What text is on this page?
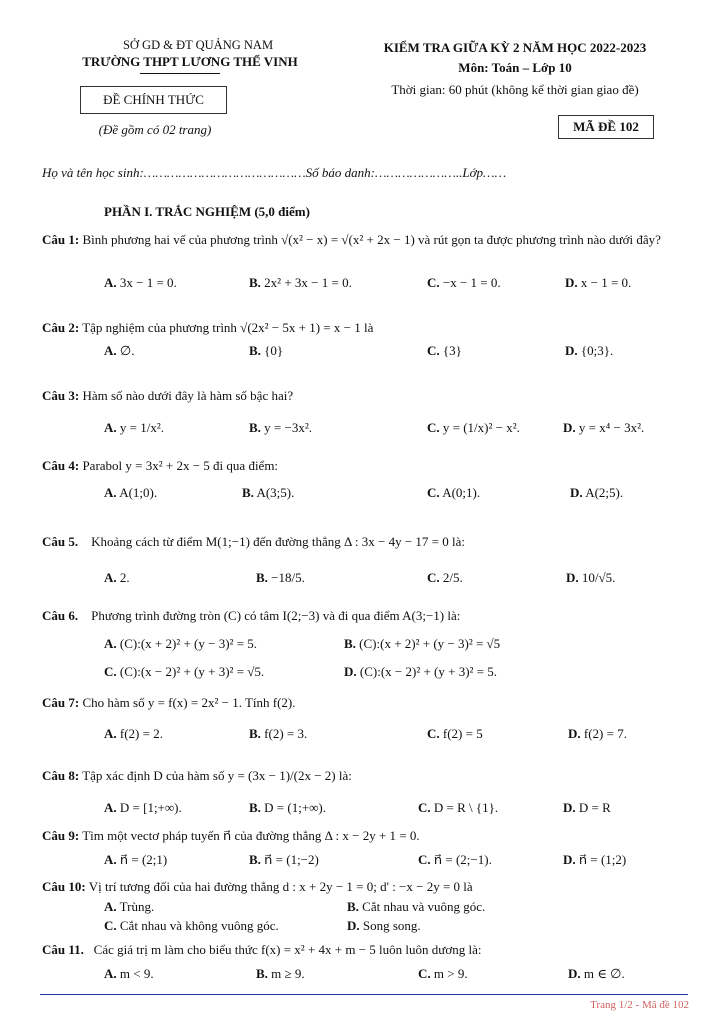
SỞ GD & ĐT QUẢNG NAM
TRƯỜNG THPT LƯƠNG THẾ VINH
ĐỀ CHÍNH THỨC
(Đề gồm có 02 trang)
KIỂM TRA GIỮA KỲ 2 NĂM HỌC 2022-2023
Môn: Toán – Lớp 10
Thời gian: 60 phút (không kể thời gian giao đề)
MÃ ĐỀ 102
Họ và tên học sinh:……………………………………Số báo danh:…………………..Lớp……
PHẦN I. TRẮC NGHIỆM (5,0 điểm)
Câu 1: Bình phương hai vế của phương trình √(x² − x) = √(x² + 2x − 1) và rút gọn ta được phương trình nào dưới đây?
A. 3x − 1 = 0.	B. 2x² + 3x − 1 = 0.	C. −x − 1 = 0.	D. x − 1 = 0.
Câu 2: Tập nghiệm của phương trình √(2x² − 5x + 1) = x − 1 là
A. ∅.	B. {0}	C. {3}	D. {0;3}.
Câu 3: Hàm số nào dưới đây là hàm số bậc hai?
A. y = 1/x².	B. y = −3x².	C. y = (1/x)² − x².	D. y = x⁴ − 3x².
Câu 4: Parabol y = 3x² + 2x − 5 đi qua điểm:
A. A(1;0).	B. A(3;5).	C. A(0;1).	D. A(2;5).
Câu 5. Khoảng cách từ điểm M(1;−1) đến đường thẳng Δ : 3x − 4y − 17 = 0 là:
A. 2.	B. −18/5.	C. 2/5.	D. 10/√5.
Câu 6. Phương trình đường tròn (C) có tâm I(2;−3) và đi qua điểm A(3;−1) là:
A. (C):(x + 2)² + (y − 3)² = 5.	B. (C):(x + 2)² + (y − 3)² = √5
C. (C):(x − 2)² + (y + 3)² = √5.	D. (C):(x − 2)² + (y + 3)² = 5.
Câu 7: Cho hàm số y = f(x) = 2x² − 1. Tính f(2).
A. f(2) = 2.	B. f(2) = 3.	C. f(2) = 5	D. f(2) = 7.
Câu 8: Tập xác định D của hàm số y = (3x − 1)/(2x − 2) là:
A. D = [1;+∞).	B. D = (1;+∞).	C. D = R \ {1}.	D. D = R
Câu 9: Tìm một vectơ pháp tuyến n⃗ của đường thẳng Δ : x − 2y + 1 = 0.
A. n⃗ = (2;1)	B. n⃗ = (1;−2)	C. n⃗ = (2;−1).	D. n⃗ = (1;2)
Câu 10: Vị trí tương đối của hai đường thẳng d : x + 2y − 1 = 0; d' : −x − 2y = 0 là
A. Trùng.	B. Cắt nhau và vuông góc.
C. Cắt nhau và không vuông góc.	D. Song song.
Câu 11. Các giá trị m làm cho biểu thức f(x) = x² + 4x + m − 5 luôn luôn dương là:
A. m < 9.	B. m ≥ 9.	C. m > 9.	D. m ∈ ∅.
Trang 1/2 - Mã đề 102
